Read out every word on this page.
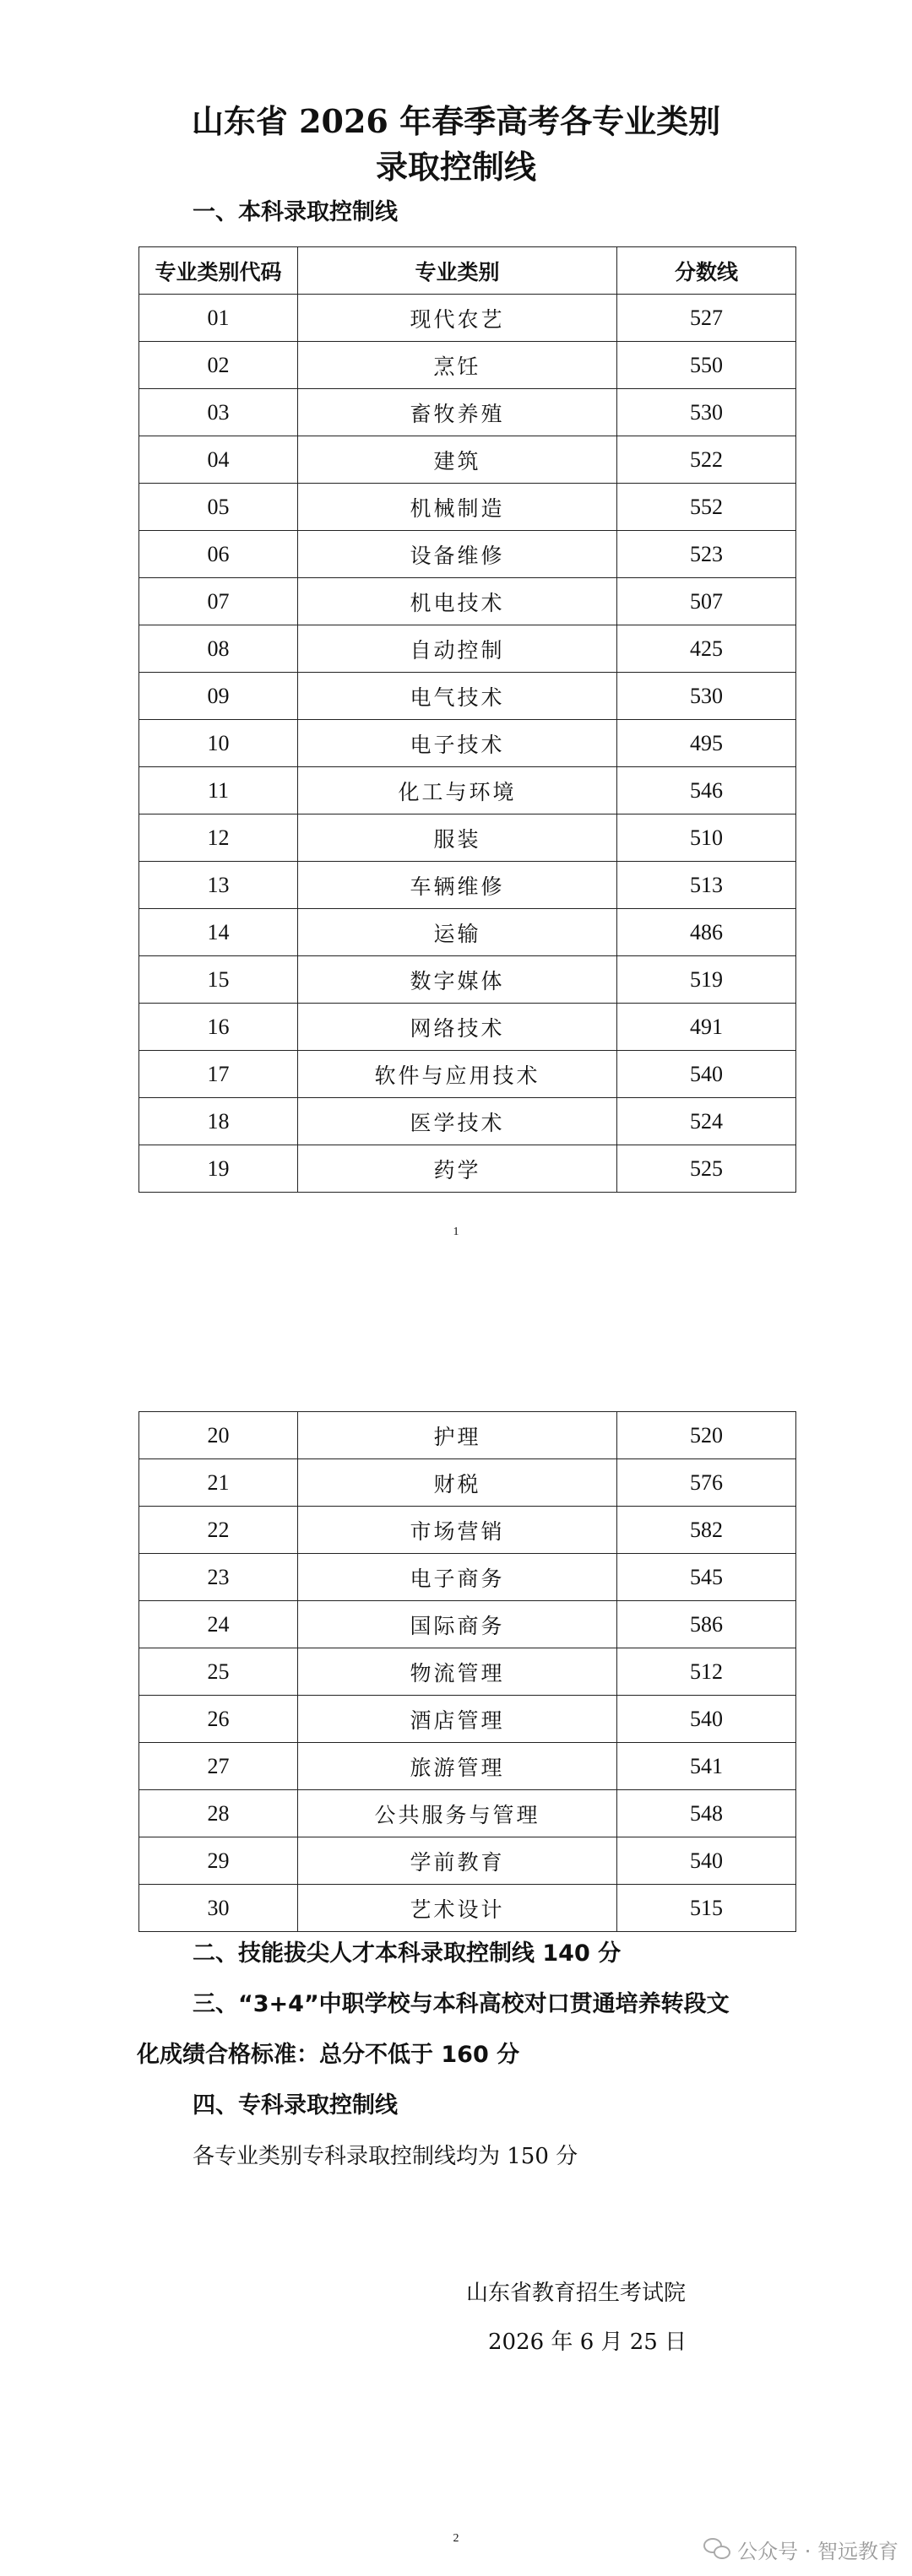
山东省 2026 年春季高考各专业类别
录取控制线
一、本科录取控制线
专业类别代码	专业类别	分数线
01	现代农艺	527
02	烹饪	550
03	畜牧养殖	530
04	建筑	522
05	机械制造	552
06	设备维修	523
07	机电技术	507
08	自动控制	425
09	电气技术	530
10	电子技术	495
11	化工与环境	546
12	服装	510
13	车辆维修	513
14	运输	486
15	数字媒体	519
16	网络技术	491
17	软件与应用技术	540
18	医学技术	524
19	药学	525
1
20	护理	520
21	财税	576
22	市场营销	582
23	电子商务	545
24	国际商务	586
25	物流管理	512
26	酒店管理	540
27	旅游管理	541
28	公共服务与管理	548
29	学前教育	540
30	艺术设计	515
二、技能拔尖人才本科录取控制线 140 分
三、“3+4”中职学校与本科高校对口贯通培养转段文
化成绩合格标准：总分不低于 160 分
四、专科录取控制线
各专业类别专科录取控制线均为 150 分
山东省教育招生考试院
2026 年 6 月 25 日
2
公众号 · 智远教育
